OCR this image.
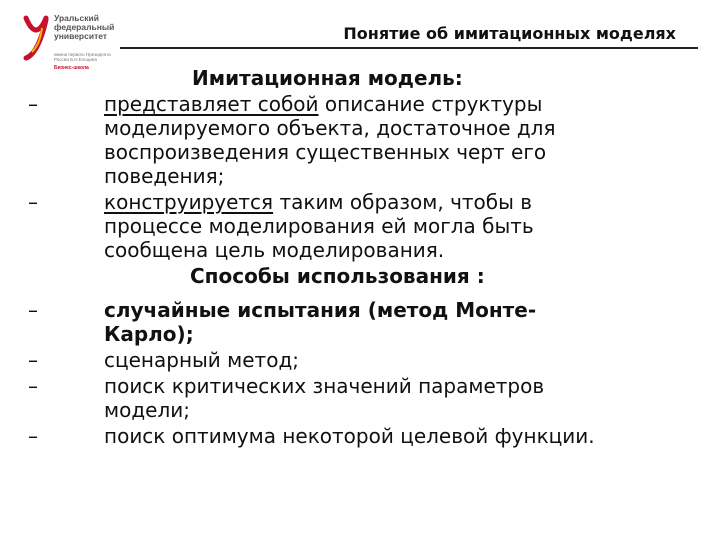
Уральский
федеральный
университет
имени первого Президента
России Б.Н.Ельцина
Бизнес-школа
Понятие об имитационных моделях
Имитационная модель:
–	представляет собой описание структуры
моделируемого объекта, достаточное для
воспроизведения существенных черт его
поведения;
–	конструируется таким образом, чтобы в
процессе моделирования ей могла быть
сообщена цель моделирования.
Способы использования :
–	случайные испытания (метод Монте-
Карло);
–	сценарный метод;
–	поиск критических значений параметров
модели;
–	поиск оптимума некоторой целевой функции.
